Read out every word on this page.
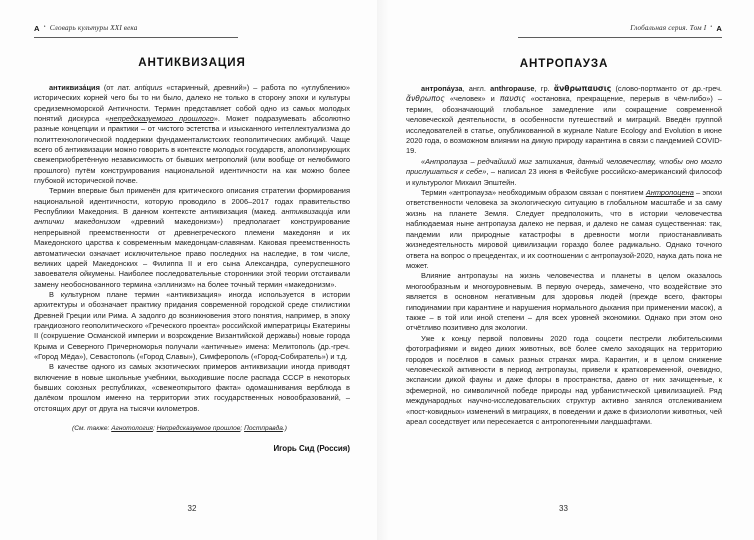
А • Словарь культуры XXI века
АНТИКВИЗАЦИЯ

антиквиза́ция (от лат. antiquus «старинный, древний») – работа по «углублению» исторических корней чего бы то ни было, далеко не только в сторону эпохи и культуры средиземноморской Античности. Термин представляет собой одно из самых молодых понятий дискурса «непредсказуемого прошлого». Может подразумевать абсолютно разные концепции и практики – от чистого эстетства и изысканного интеллектуализма до политтехнологической поддержки фундаменталистских геополитических амбиций. Чаще всего об антиквизации можно говорить в контексте молодых государств, апологизирующих свежеприобретённую независимость от бывших метрополий (или вообще от нелюбимого прошлого) путём конструирования национальной идентичности на как можно более глубокой исторической почве.

Термин впервые был применён для критического описания стратегии формирования национальной идентичности, которую проводило в 2006–2017 годах правительство Республики Македония. В данном контексте антиквизация (макед. антиквизациjа или антички македонизом «древний македонизм») предполагает конструирование непрерывной преемственности от древнегреческого племени македонян и их Македонского царства к современным македонцам-славянам. Каковая преемственность автоматически означает исключительное право последних на наследие, в том числе, великих царей Македонских – Филиппа II и его сына Александра, суперуспешного завоевателя ойкумены. Наиболее последовательные сторонники этой теории отстаивали замену необоснованного термина «эллинизм» на более точный термин «македонизм».

В культурном плане термин «антиквизация» иногда используется в истории архитектуры и обозначает практику придания современной городской среде стилистики Древней Греции или Рима. А задолго до возникновения этого понятия, например, в эпоху грандиозного геополитического «Греческого проекта» российской императрицы Екатерины II (сокрушение Османской империи и возрождение Византийской державы) новые города Крыма и Северного Причерноморья получали «античные» имена: Мелитополь (др.-греч. «Город Мёда»), Севастополь («Город Славы»), Симферополь («Город-Собиратель») и т.д.

В качестве одного из самых экзотических примеров антиквизации иногда приводят включение в новые школьные учебники, выходившие после распада СССР в некоторых бывших союзных республиках, «свежеоткрытого факта» одомашнивания верблюда в далёком прошлом именно на территории этих государственных новообразований, – отстоящих друг от друга на тысячи километров.

(См. также: Агнотология; Непредсказуемое прошлое; Постправда.)

Игорь Сид (Россия)

32
Глобальная серия. Том I • А
АНТРОПАУЗА

антропа́уза, англ. anthropause, гр. ἄνθρωπαυσις (слово-портманто от др.-греч. ἄνθρωπος «человек» и παυσις «остановка, прекращение, перерыв в чём-либо») – термин, обозначающий глобальное замедление или сокращение современной человеческой деятельности, в особенности путешествий и миграций. Введён группой исследователей в статье, опубликованной в журнале Nature Ecology and Evolution в июне 2020 года, о возможном влиянии на дикую природу карантина в связи с пандемией COVID-19.

«Антропауза – редчайший миг затихания, данный человечеству, чтобы оно могло прислушаться к себе», – написал 23 июня в Фейсбуке российско-американский философ и культуролог Михаил Эпштейн.

Термин «антропауза» необходимым образом связан с понятием Антропоцена – эпохи ответственности человека за экологическую ситуацию в глобальном масштабе и за саму жизнь на планете Земля. Следует предположить, что в истории человечества наблюдаемая ныне антропауза далеко не первая, и далеко не самая существенная: так, пандемии или природные катастрофы в древности могли приостанавливать жизнедеятельность мировой цивилизации гораздо более радикально. Однако точного ответа на вопрос о прецедентах, и их соотношении с антропаузой-2020, наука дать пока не может.

Влияние антропаузы на жизнь человечества и планеты в целом оказалось многообразным и многоуровневым. В первую очередь, замечено, что воздействие это является в основном негативным для здоровья людей (прежде всего, факторы гиподинамии при карантине и нарушения нормального дыхания при применении масок), а также – в той или иной степени – для всех уровней экономики. Однако при этом оно отчётливо позитивно для экологии.

Уже к концу первой половины 2020 года соцсети пестрели любительскими фотографиями и видео диких животных, всё более смело заходящих на территорию городов и посёлков в самых разных странах мира. Карантин, и в целом снижение человеческой активности в период антропаузы, привели к кратковременной, очевидно, экспансии дикой фауны и даже флоры в пространства, давно от них зачищенные, к эфемерной, но символичной победе природы над урбанистической цивилизацией. Ряд международных научно-исследовательских структур активно занялся отслеживанием «пост-ковидных» изменений в миграциях, в поведении и даже в физиологии животных, чей ареал соседствует или пересекается с антропогенными ландшафтами.

33
